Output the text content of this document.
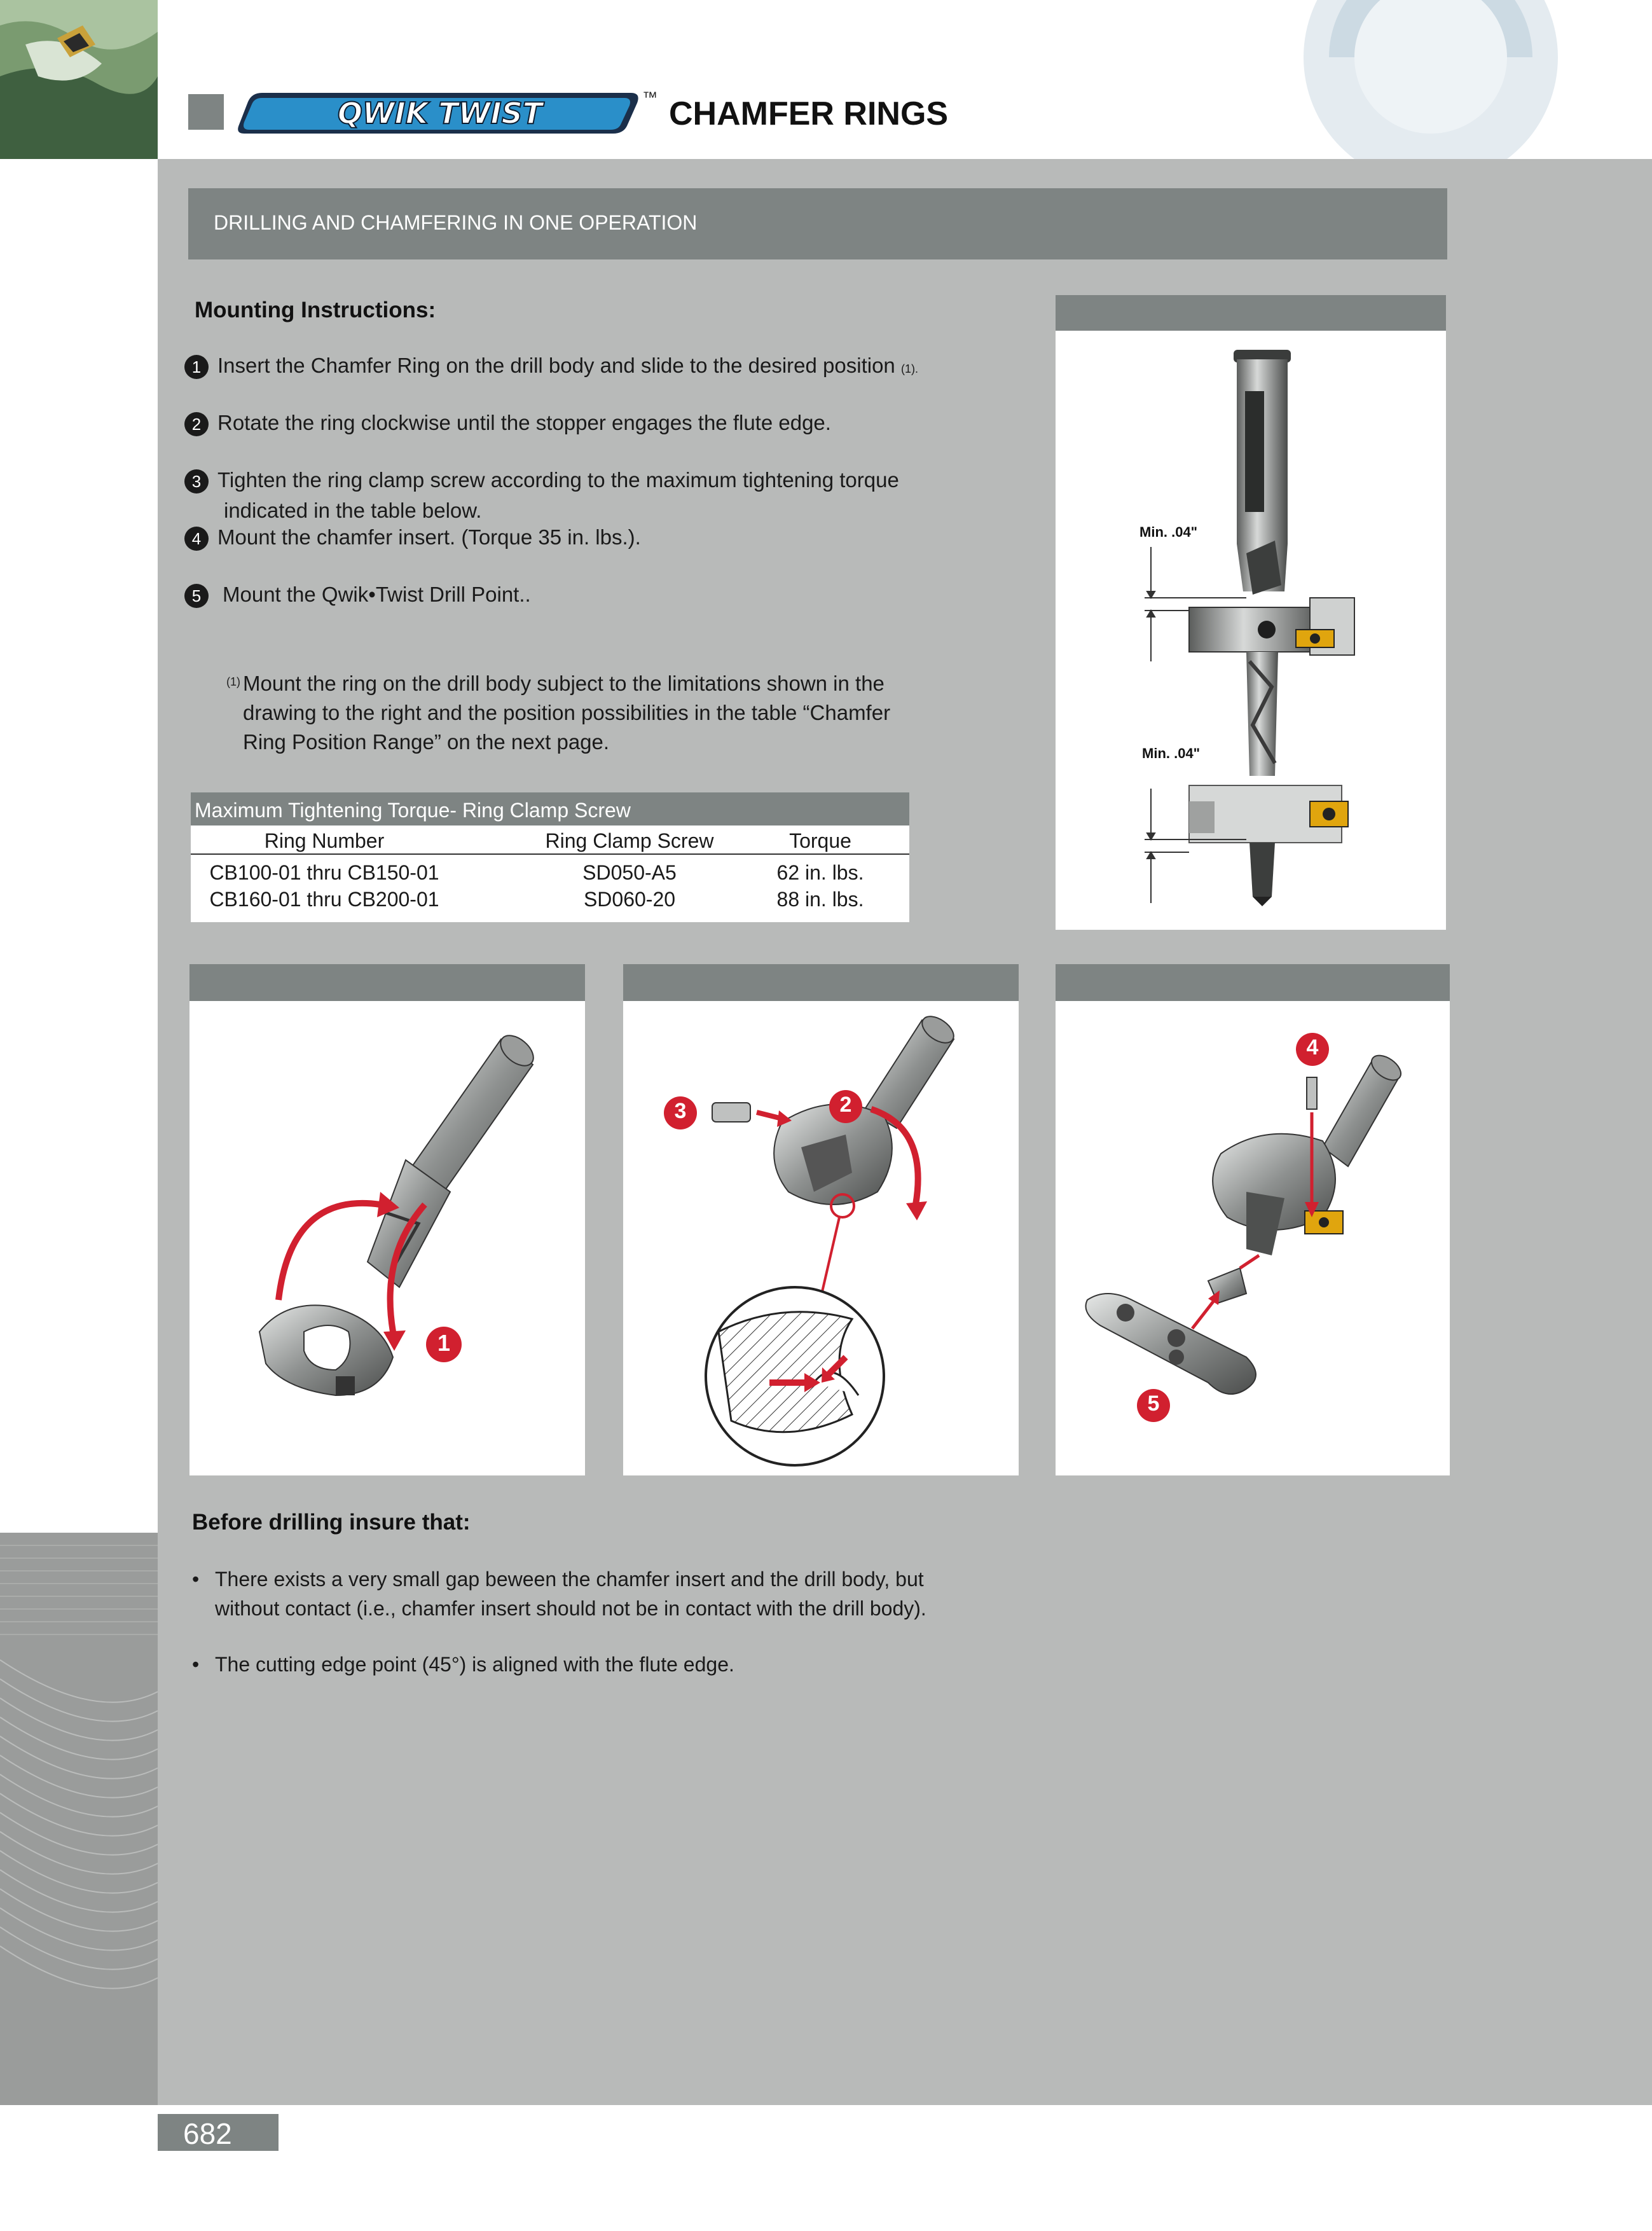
QWIK TWIST	™ CHAMFER RINGS
DRILLING AND CHAMFERING IN ONE OPERATION
Mounting Instructions:
1 Insert the Chamfer Ring on the drill body and slide to the desired position (1).
2 Rotate the ring clockwise until the stopper engages the flute edge.
3 Tighten the ring clamp screw according to the maximum tightening torque
indicated in the table below.
4 Mount the chamfer insert. (Torque 35 in. lbs.).
5 Mount the Qwik•Twist Drill Point..
(1) Mount the ring on the drill body subject to the limitations shown in the
drawing to the right and the position possibilities in the table “Chamfer
Ring Position Range” on the next page.
Maximum Tightening Torque- Ring Clamp Screw
Ring Number	Ring Clamp Screw	Torque
CB100-01 thru CB150-01	SD050-A5	62 in. lbs.
CB160-01 thru CB200-01	SD060-20	88 in. lbs.
Min. .04"
Min. .04"
1
3	2
4
5
Before drilling insure that:
• There exists a very small gap beween the chamfer insert and the drill body, but
without contact (i.e., chamfer insert should not be in contact with the drill body).
• The cutting edge point (45°) is aligned with the flute edge.
682
